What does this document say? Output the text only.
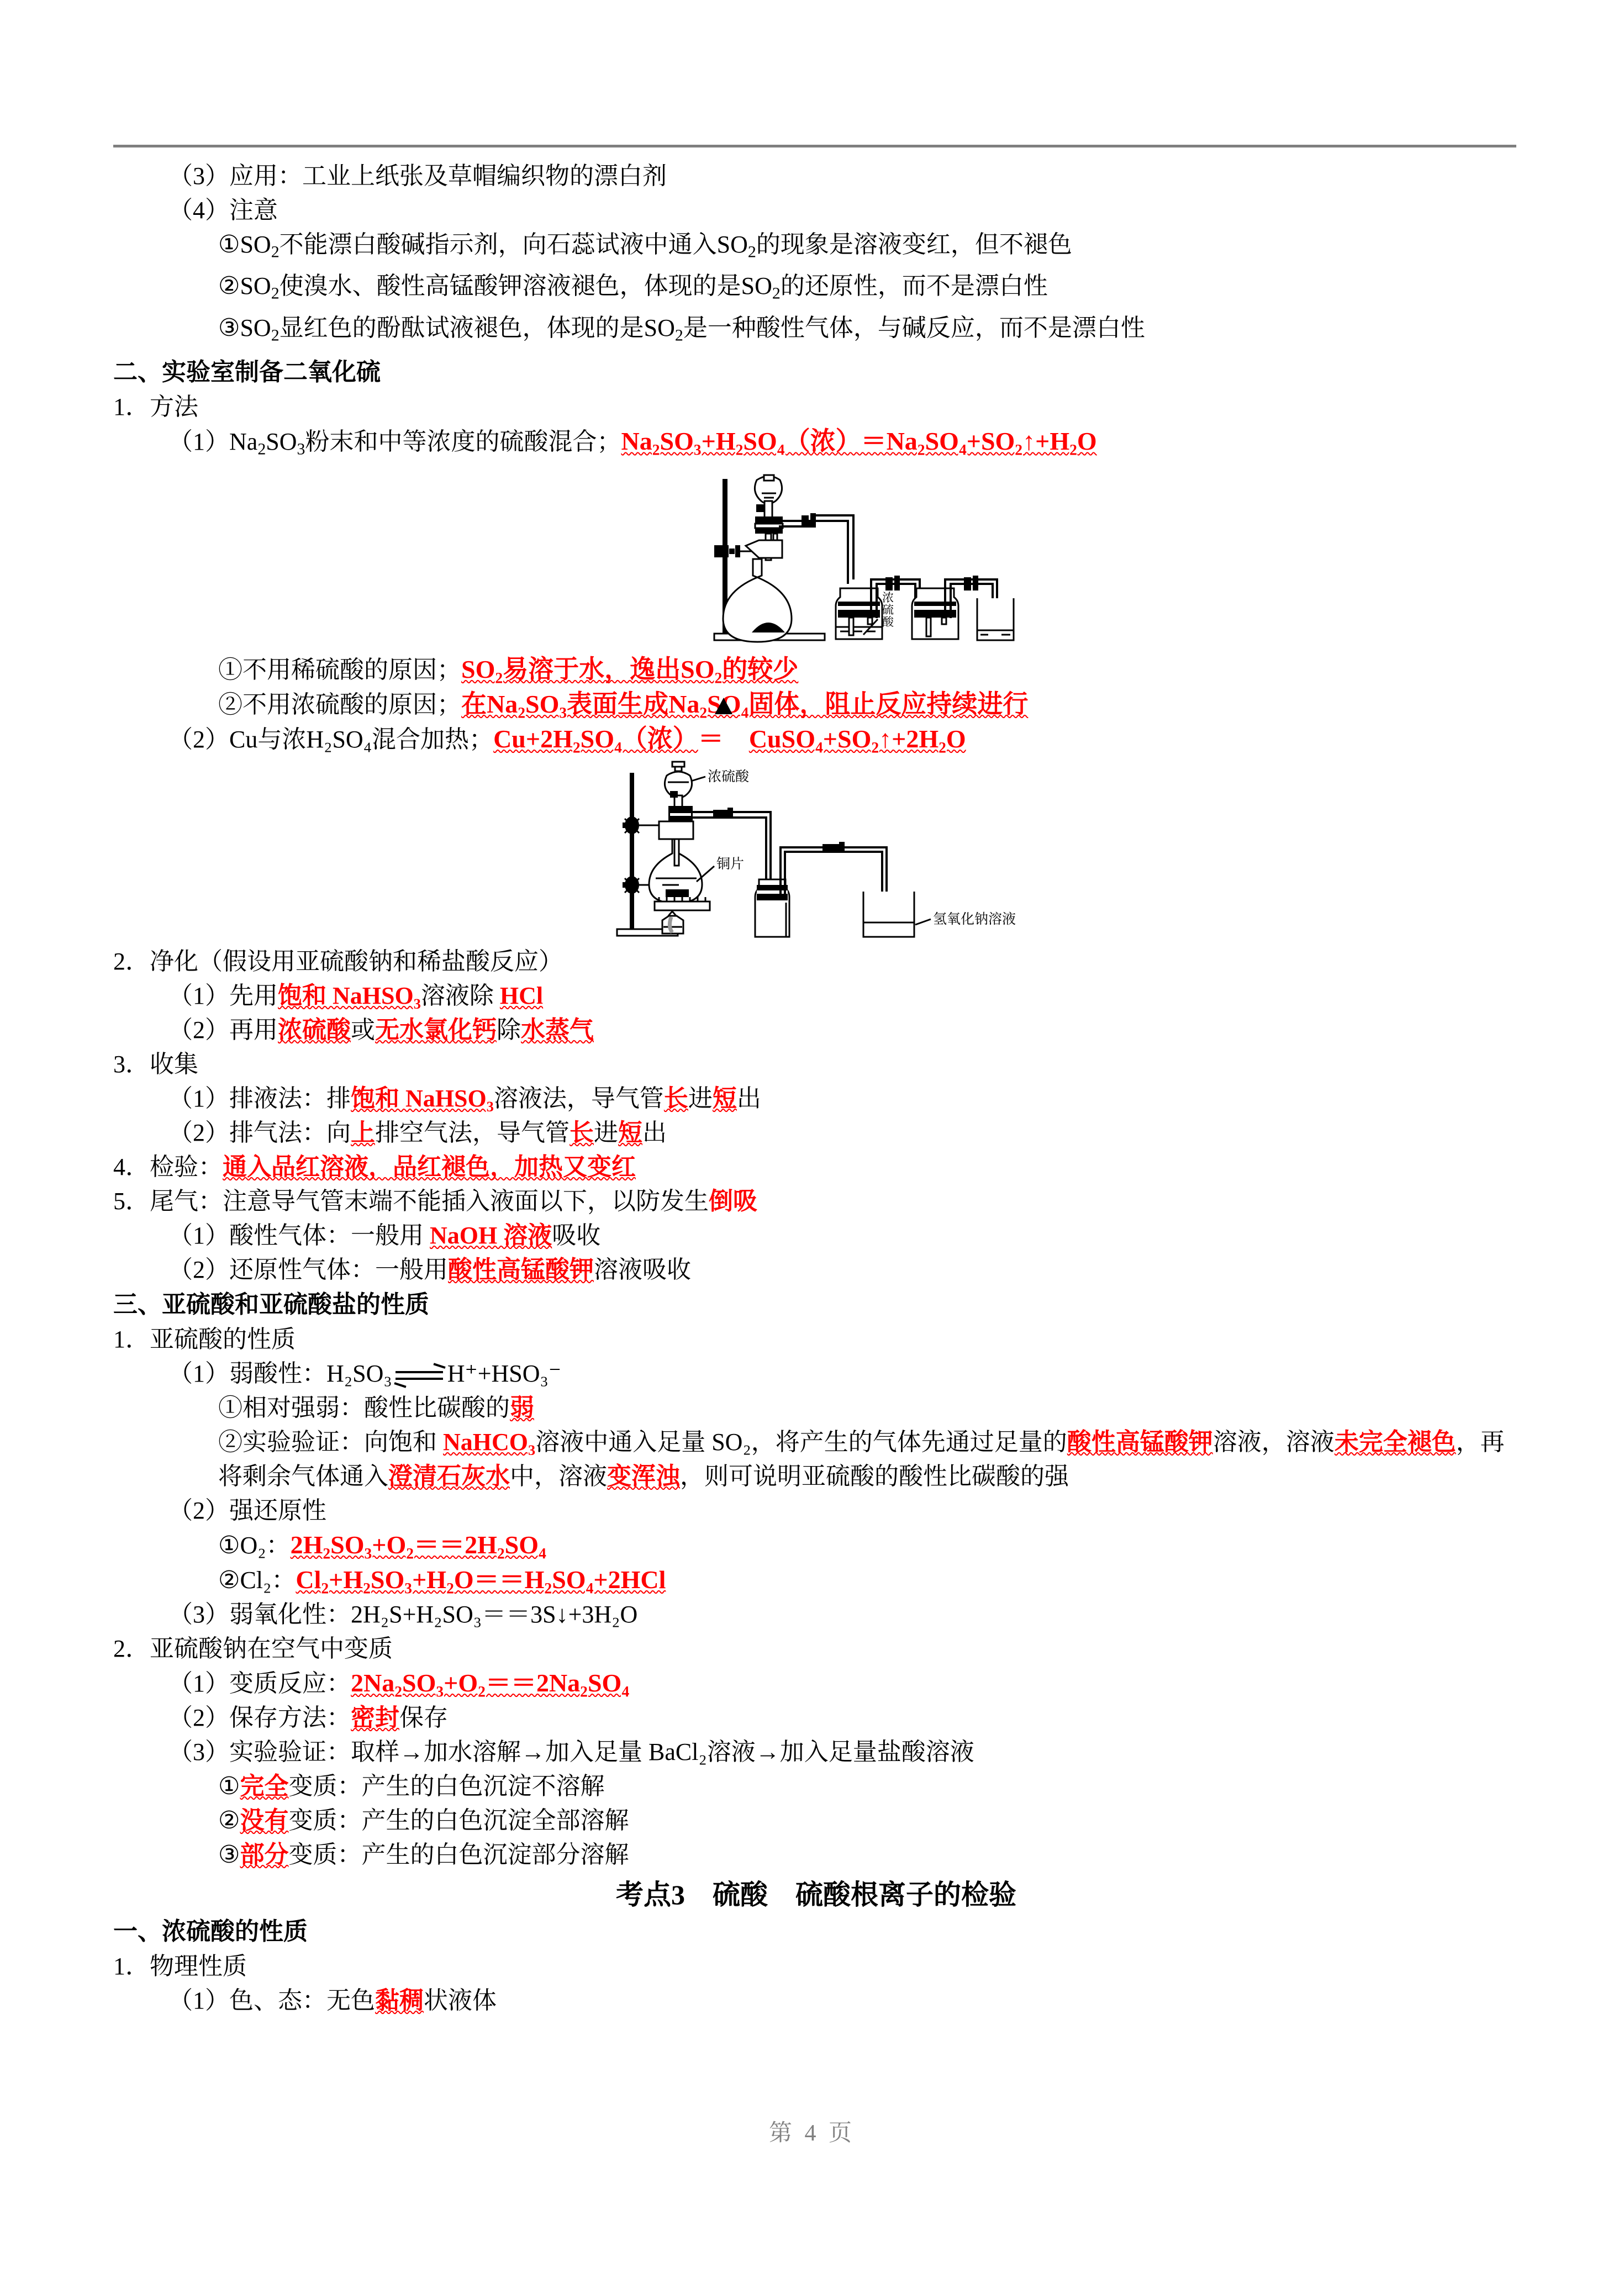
（3）应用：工业上纸张及草帽编织物的漂白剂
（4）注意
$①SO_2$不能漂白酸碱指示剂，向石蕊试液中通入$SO_2$的现象是溶液变红，但不褪色
$②SO_2$使溴水、酸性高锰酸钾溶液褪色，体现的是$SO_2$的还原性，而不是漂白性
$③SO_2$显红色的酚酞试液褪色，体现的是$SO_2$是一种酸性气体，与碱反应，而不是漂白性
二、实验室制备二氧化硫
1．方法
$(1)Na_2SO_3$粉末和中等浓度的硫酸混合；Na₂SO₃+H₂SO₄（浓）＝Na₂SO₄+SO₂↑+H₂O
浓
硫
酸
①不用稀硫酸的原因；SO₂易溶于水，逸出SO₂的较少
②不用浓硫酸的原因；在Na₂SO₃表面生成Na₂SO₄固体，阻止反应持续进行
（2）Cu与浓H₂SO₄混合加热；Cu+2H₂SO₄（浓）
＝ CuSO₄+SO₂↑+2H₂O
浓硫酸
铜片
氢氧化钠溶液
2．净化（假设用亚硫酸钠和稀盐酸反应）
（1）先用饱和 NaHSO₃溶液除 HCl
（2）再用浓硫酸或无水氯化钙除水蒸气
3．收集
（1）排液法：排饱和 NaHSO₃溶液法，导气管长进短出
（2）排气法：向上排空气法，导气管长进短出
4．检验：通入品红溶液，品红褪色，加热又变红
5．尾气：注意导气管末端不能插入液面以下，以防发生倒吸
（1）酸性气体：一般用 NaOH 溶液吸收
（2）还原性气体：一般用酸性高锰酸钾溶液吸收
三、亚硫酸和亚硫酸盐的性质
1．亚硫酸的性质
（1）弱酸性：H₂SO₃ ⇌ H⁺+HSO₃⁻
①相对强弱：酸性比碳酸的弱
②实验验证：向饱和 NaHCO₃溶液中通入足量 SO₂，将产生的气体先通过足量的酸性高锰酸钾溶液，溶液未完全褪色，再将剩余气体通入澄清石灰水中，溶液变浑浊，则可说明亚硫酸的酸性比碳酸的强
（2）强还原性
①O₂：2H₂SO₃+O₂＝＝2H₂SO₄
②Cl₂：Cl₂+H₂SO₃+H₂O＝＝H₂SO₄+2HCl
（3）弱氧化性：2H₂S+H₂SO₃＝＝3S↓+3H₂O
2．亚硫酸钠在空气中变质
（1）变质反应：2Na₂SO₃+O₂＝＝2Na₂SO₄
（2）保存方法：密封保存
（3）实验验证：取样→加水溶解→加入足量 BaCl₂溶液→加入足量盐酸溶液
①完全变质：产生的白色沉淀不溶解
②没有变质：产生的白色沉淀全部溶解
③部分变质：产生的白色沉淀部分溶解
考点3　硫酸　硫酸根离子的检验
一、浓硫酸的性质
1．物理性质
（1）色、态：无色黏稠状液体
第 4 页
